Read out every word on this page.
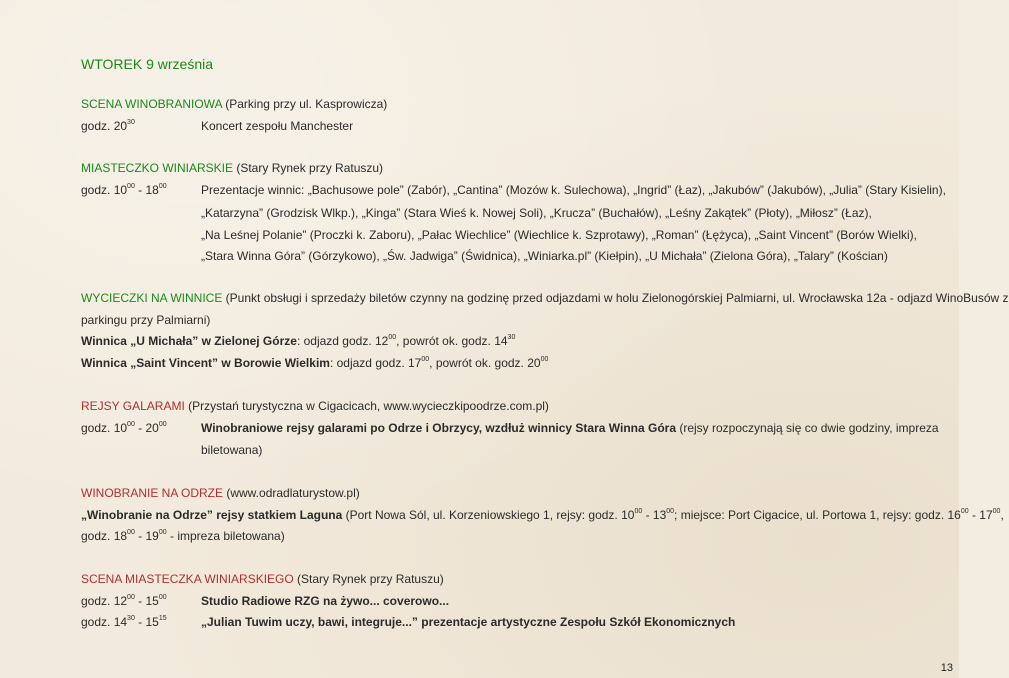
WTOREK 9 września
SCENA WINOBRANIOWA (Parking przy ul. Kasprowicza)
godz. $20^{30}$	Koncert zespołu Manchester
MIASTECZKO WINIARSKIE (Stary Rynek przy Ratuszu)
godz. $10^{00} - 18^{00}$	Prezentacje winnic: „Bachusowe pole” (Zabór), „Cantina” (Mozów k. Sulechowa), „Ingrid” (Łaz), „Jakubów” (Jakubów), „Julia” (Stary Kisielin),
„Katarzyna” (Grodzisk Wlkp.), „Kinga” (Stara Wieś k. Nowej Soli), „Krucza” (Buchałów), „Leśny Zakątek” (Płoty), „Miłosz” (Łaz),
„Na Leśnej Polanie” (Proczki k. Zaboru), „Pałac Wiechlice” (Wiechlice k. Szprotawy), „Roman” (Łężyca), „Saint Vincent” (Borów Wielki),
„Stara Winna Góra” (Górzykowo), „Św. Jadwiga” (Świdnica), „Winiarka.pl” (Kiełpin), „U Michała” (Zielona Góra), „Talary” (Kościan)
WYCIECZKI NA WINNICE (Punkt obsługi i sprzedaży biletów czynny na godzinę przed odjazdami w holu Zielonogórskiej Palmiarni, ul. Wrocławska 12a - odjazd WinoBusów z
parkingu przy Palmiarni)
Winnica „U Michała” w Zielonej Górze: odjazd godz. $12^{00}$, powrót ok. godz. $14^{30}$
Winnica „Saint Vincent” w Borowie Wielkim: odjazd godz. $17^{00}$, powrót ok. godz. $20^{00}$
REJSY GALARAMI (Przystań turystyczna w Cigacicach, www.wycieczkipoodrze.com.pl)
godz. $10^{00} - 20^{00}$	Winobraniowe rejsy galarami po Odrze i Obrzycy, wzdłuż winnicy Stara Winna Góra (rejsy rozpoczynają się co dwie godziny, impreza
biletowana)
WINOBRANIE NA ODRZE (www.odradlaturystow.pl)
„Winobranie na Odrze” rejsy statkiem Laguna (Port Nowa Sól, ul. Korzeniowskiego 1, rejsy: godz. $10^{00} - 13^{00}$; miejsce: Port Cigacice, ul. Portowa 1, rejsy: godz. $16^{00} - 17^{00}$,
godz. $18^{00} - 19^{00}$ - impreza biletowana)
SCENA MIASTECZKA WINIARSKIEGO (Stary Rynek przy Ratuszu)
godz. $12^{00} - 15^{00}$	Studio Radiowe RZG na żywo... coverowo...
godz. $14^{30} - 15^{15}$	„Julian Tuwim uczy, bawi, integruje...” prezentacje artystyczne Zespołu Szkół Ekonomicznych
13
